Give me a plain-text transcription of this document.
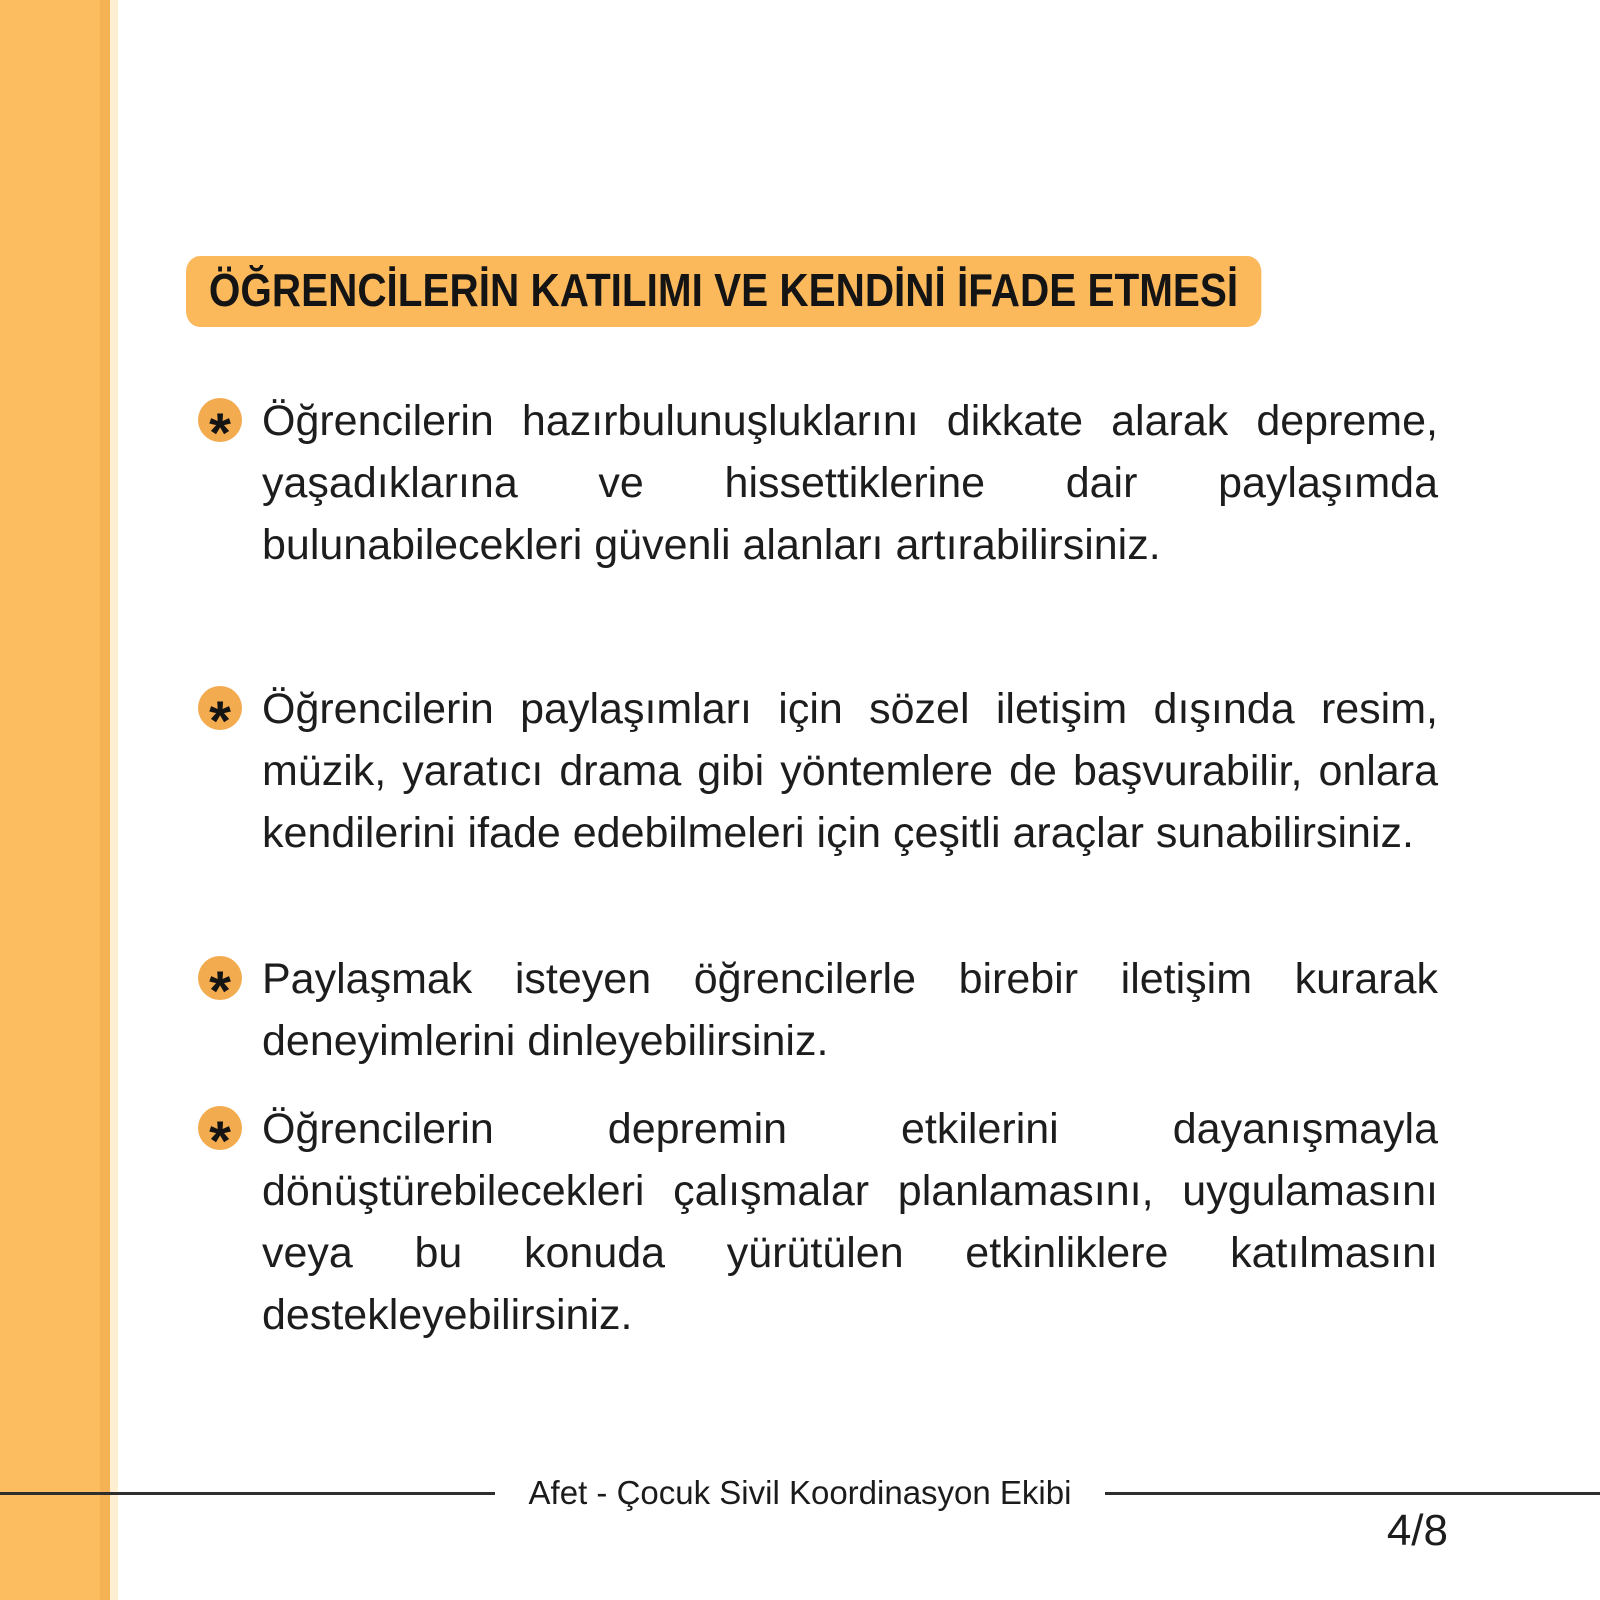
ÖĞRENCİLERİN KATILIMI VE KENDİNİ İFADE ETMESİ
* Öğrencilerin hazırbulunuşluklarını dikkate alarak depreme, yaşadıklarına ve hissettiklerine dair paylaşımda bulunabilecekleri güvenli alanları artırabilirsiniz.
* Öğrencilerin paylaşımları için sözel iletişim dışında resim, müzik, yaratıcı drama gibi yöntemlere de başvurabilir, onlara kendilerini ifade edebilmeleri için çeşitli araçlar sunabilirsiniz.
* Paylaşmak isteyen öğrencilerle birebir iletişim kurarak deneyimlerini dinleyebilirsiniz.
* Öğrencilerin depremin etkilerini dayanışmayla dönüştürebilecekleri çalışmalar planlamasını, uygulamasını veya bu konuda yürütülen etkinliklere katılmasını destekleyebilirsiniz.
Afet - Çocuk Sivil Koordinasyon Ekibi
4/8
